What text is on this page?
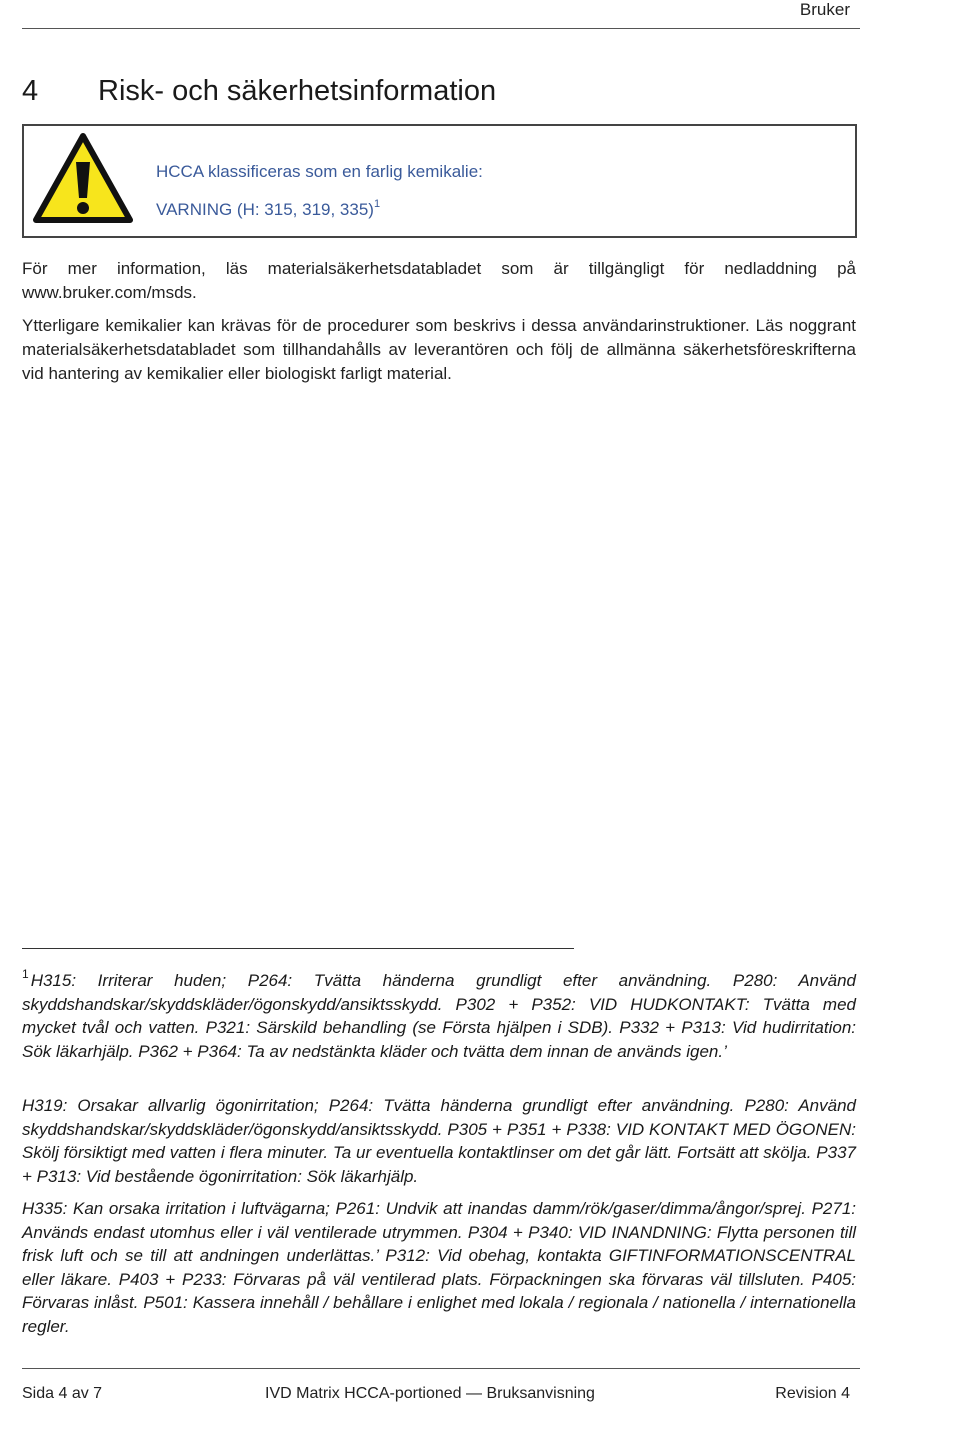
Bruker
4	Risk- och säkerhetsinformation
HCCA klassificeras som en farlig kemikalie:
VARNING (H: 315, 319, 335)$^1$

För mer information, läs materialsäkerhetsdatabladet som är tillgängligt för nedladdning på www.bruker.com/msds.

Ytterligare kemikalier kan krävas för de procedurer som beskrivs i dessa användarinstruktioner. Läs noggrant materialsäkerhetsdatabladet som tillhandahålls av leverantören och följ de allmänna säkerhetsföreskrifterna vid hantering av kemikalier eller biologiskt farligt material.

$^1$ H315: Irriterar huden; P264: Tvätta händerna grundligt efter användning. P280: Använd skyddshandskar/skyddskläder/ögonskydd/ansiktsskydd. P302 + P352: VID HUDKONTAKT: Tvätta med mycket tvål och vatten. P321: Särskild behandling (se Första hjälpen i SDB). P332 + P313: Vid hudirritation: Sök läkarhjälp. P362 + P364: Ta av nedstänkta kläder och tvätta dem innan de används igen.’

H319: Orsakar allvarlig ögonirritation; P264: Tvätta händerna grundligt efter användning. P280: Använd skyddshandskar/skyddskläder/ögonskydd/ansiktsskydd. P305 + P351 + P338: VID KONTAKT MED ÖGONEN: Skölj försiktigt med vatten i flera minuter. Ta ur eventuella kontaktlinser om det går lätt. Fortsätt att skölja. P337 + P313: Vid bestående ögonirritation: Sök läkarhjälp.

H335: Kan orsaka irritation i luftvägarna; P261: Undvik att inandas damm/rök/gaser/dimma/ångor/sprej. P271: Används endast utomhus eller i väl ventilerade utrymmen. P304 + P340: VID INANDNING: Flytta personen till frisk luft och se till att andningen underlättas.’ P312: Vid obehag, kontakta GIFTINFORMATIONSCENTRAL eller läkare. P403 + P233: Förvaras på väl ventilerad plats. Förpackningen ska förvaras väl tillsluten. P405: Förvaras inlåst. P501: Kassera innehåll / behållare i enlighet med lokala / regionala / nationella / internationella regler.

Sida 4 av 7	IVD Matrix HCCA-portioned — Bruksanvisning	Revision 4
